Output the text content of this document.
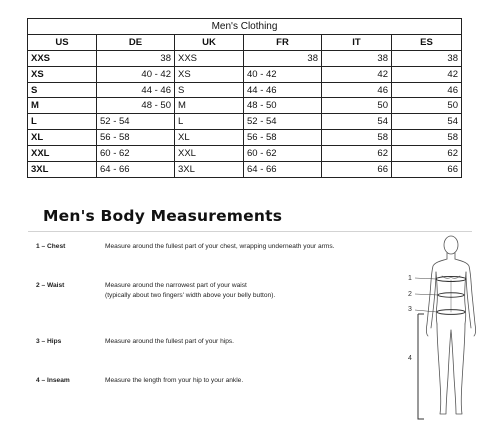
Men's Clothing					
US	DE	UK	FR	IT	ES
XXS	38	XXS	38	38	38
XS	40 - 42	XS	40 - 42	42	42
S	44 - 46	S	44 - 46	46	46
M	48 - 50	M	48 - 50	50	50
L	52 - 54	L	52 - 54	54	54
XL	56 - 58	XL	56 - 58	58	58
XXL	60 - 62	XXL	60 - 62	62	62
3XL	64 - 66	3XL	64 - 66	66	66
Men's Body Measurements
1 – Chest	Measure around the fullest part of your chest, wrapping underneath your arms.
2 – Waist	Measure around the narrowest part of your waist
(typically about two fingers' width above your belly button).
3 – Hips	Measure around the fullest part of your hips.
4 – Inseam	Measure the length from your hip to your ankle.
1
2
3
4
